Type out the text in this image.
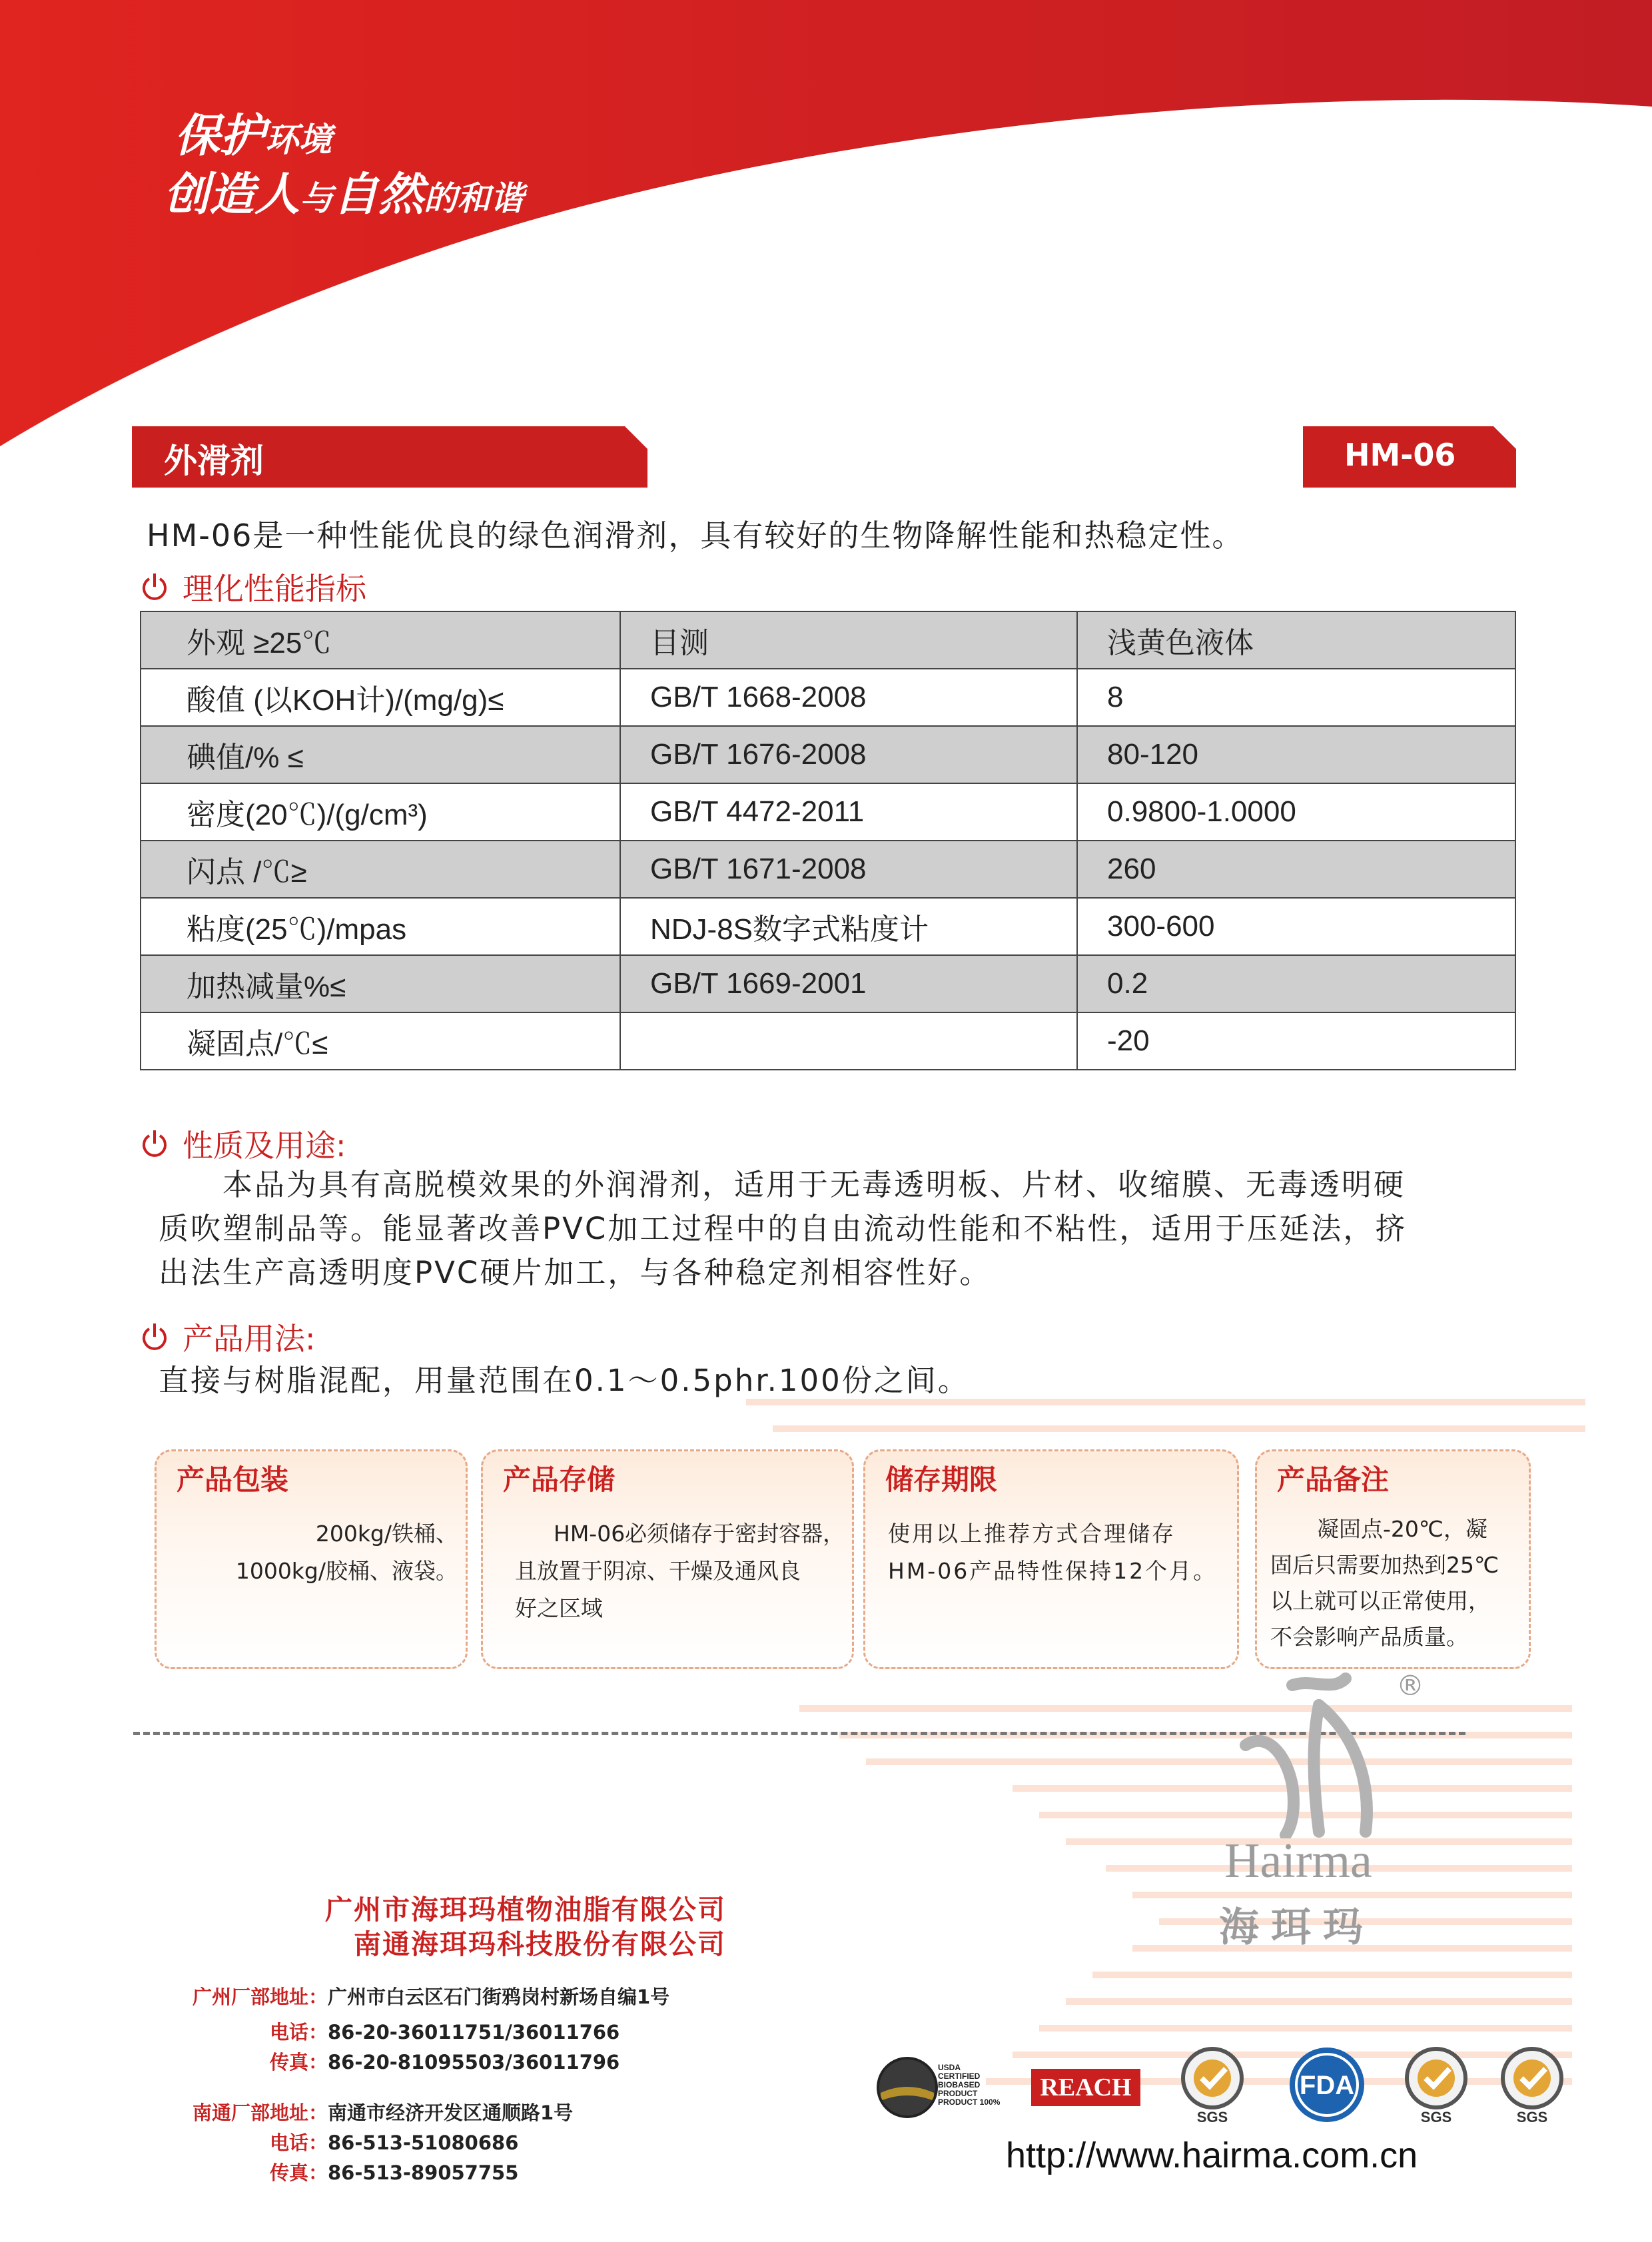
保护环境
创造人与自然的和谐
外滑剂	HM-06
HM-06是一种性能优良的绿色润滑剂，具有较好的生物降解性能和热稳定性。
理化性能指标
外观 ≥25℃	目测	浅黄色液体
酸值 (以KOH计)/(mg/g)≤	GB/T 1668-2008	8
碘值/% ≤	GB/T 1676-2008	80-120
密度(20℃)/(g/cm³)	GB/T 4472-2011	0.9800-1.0000
闪点 /℃≥	GB/T 1671-2008	260
粘度(25℃)/mpas	NDJ-8S数字式粘度计	300-600
加热减量%≤	GB/T 1669-2001	0.2
凝固点/℃≤		-20
性质及用途:
本品为具有高脱模效果的外润滑剂，适用于无毒透明板、片材、收缩膜、无毒透明硬
质吹塑制品等。能显著改善PVC加工过程中的自由流动性能和不粘性，适用于压延法，挤
出法生产高透明度PVC硬片加工，与各种稳定剂相容性好。
产品用法:
直接与树脂混配，用量范围在0.1～0.5phr.100份之间。
产品包装
200kg/铁桶、
1000kg/胶桶、液袋。
产品存储
HM-06必须储存于密封容器，
且放置于阴凉、干燥及通风良
好之区域
储存期限
使用以上推荐方式合理储存
HM-06产品特性保持12个月。
产品备注
凝固点-20℃，凝
固后只需要加热到25℃
以上就可以正常使用，
不会影响产品质量。
®
Hairma
海珥玛
广州市海珥玛植物油脂有限公司
南通海珥玛科技股份有限公司
广州厂部地址：广州市白云区石门街鸦岗村新场自编1号
电话：86-20-36011751/36011766
传真：86-20-81095503/36011796
南通厂部地址：南通市经济开发区通顺路1号
电话：86-513-51080686
传真：86-513-89057755
USDA
CERTIFIED
BIOBASED
PRODUCT
PRODUCT 100%
REACH
SGS
FDA
SGS	SGS
http://www.hairma.com.cn
